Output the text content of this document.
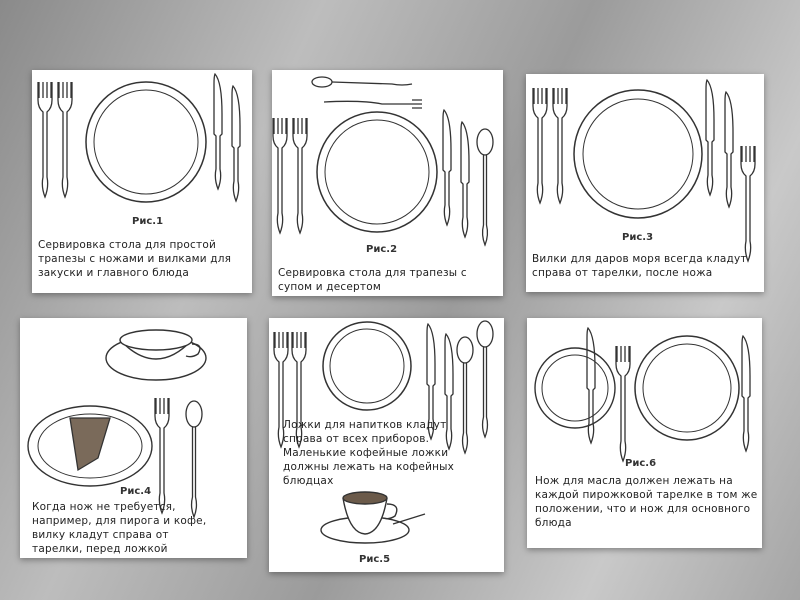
Рис.1
Сервировка стола для простой
трапезы с ножами и вилками для
закуски и главного блюда
Рис.2
Сервировка стола для трапезы с
супом и десертом
Рис.3
Вилки для даров моря всегда кладут
справа от тарелки, после ножа
Рис.4
Когда нож не требуется,
например, для пирога и кофе,
вилку кладут справа от
тарелки, перед ложкой
Ложки для напитков кладут
справа от всех приборов.
Маленькие кофейные ложки
должны лежать на кофейных
блюдцах
Рис.5
Рис.6
Нож для масла должен лежать на
каждой пирожковой тарелке в том же
положении, что и нож для основного
блюда
